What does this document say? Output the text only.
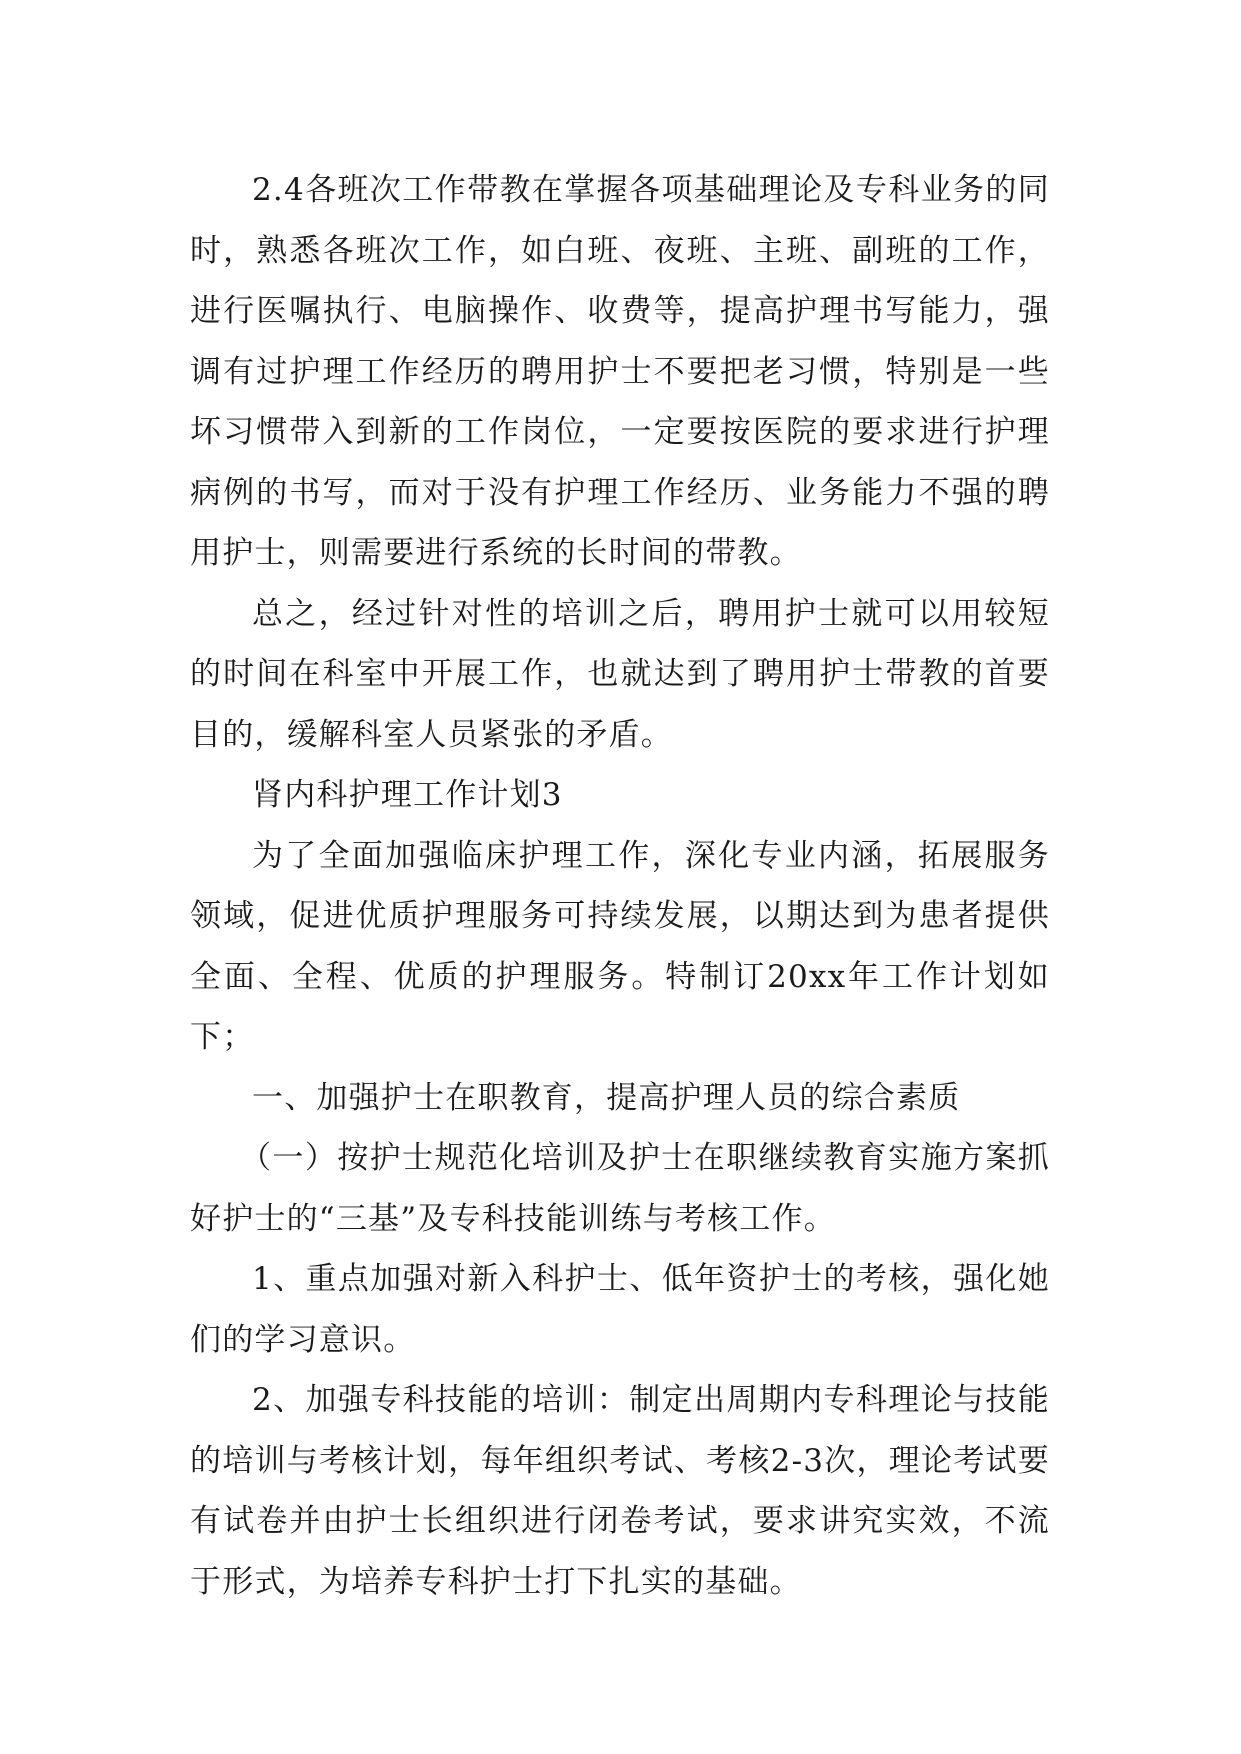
2.4各班次工作带教在掌握各项基础理论及专科业务的同时，熟悉各班次工作，如白班、夜班、主班、副班的工作，进行医嘱执行、电脑操作、收费等，提高护理书写能力，强调有过护理工作经历的聘用护士不要把老习惯，特别是一些坏习惯带入到新的工作岗位，一定要按医院的要求进行护理病例的书写，而对于没有护理工作经历、业务能力不强的聘用护士，则需要进行系统的长时间的带教。

总之，经过针对性的培训之后，聘用护士就可以用较短的时间在科室中开展工作，也就达到了聘用护士带教的首要目的，缓解科室人员紧张的矛盾。

肾内科护理工作计划3

为了全面加强临床护理工作，深化专业内涵，拓展服务领域，促进优质护理服务可持续发展，以期达到为患者提供全面、全程、优质的护理服务。特制订20xx年工作计划如下；

一、加强护士在职教育，提高护理人员的综合素质

（一）按护士规范化培训及护士在职继续教育实施方案抓好护士的“三基”及专科技能训练与考核工作。

1、重点加强对新入科护士、低年资护士的考核，强化她们的学习意识。

2、加强专科技能的培训：制定出周期内专科理论与技能的培训与考核计划，每年组织考试、考核2-3次，理论考试要有试卷并由护士长组织进行闭卷考试，要求讲究实效，不流于形式，为培养专科护士打下扎实的基础。
